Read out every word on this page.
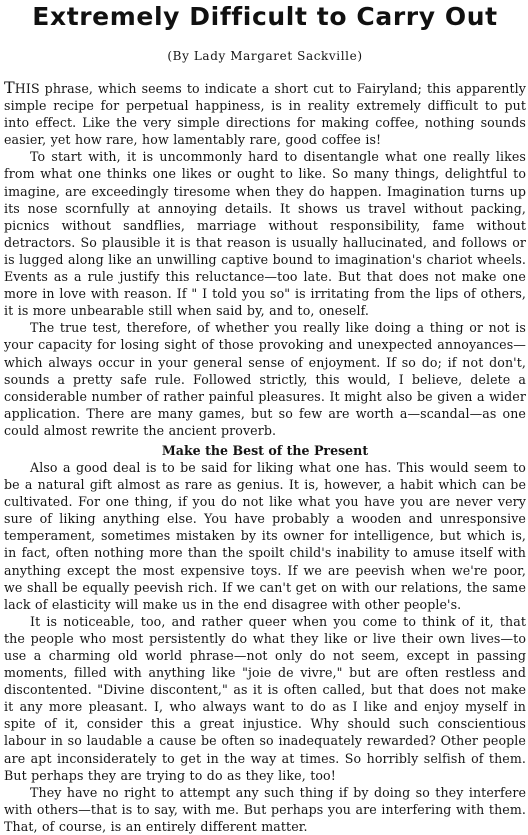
Extremely Difficult to Carry Out
(By Lady Margaret Sackville)

THIS phrase, which seems to indicate a short cut to Fairyland; this apparently simple recipe for perpetual happiness, is in reality extremely difficult to put into effect. Like the very simple directions for making coffee, nothing sounds easier, yet how rare, how lamentably rare, good coffee is!

To start with, it is uncommonly hard to disentangle what one really likes from what one thinks one likes or ought to like. So many things, delightful to imagine, are exceedingly tiresome when they do happen. Imagination turns up its nose scornfully at annoying details. It shows us travel without packing, picnics without sandflies, marriage without responsibility, fame without detractors. So plausible it is that reason is usually hallucinated, and follows or is lugged along like an unwilling captive bound to imagination's chariot wheels. Events as a rule justify this reluctance—too late. But that does not make one more in love with reason. If " I told you so" is irritating from the lips of others, it is more unbearable still when said by, and to, oneself.

The true test, therefore, of whether you really like doing a thing or not is your capacity for losing sight of those provoking and unexpected annoyances—which always occur in your general sense of enjoyment. If so do; if not don't, sounds a pretty safe rule. Followed strictly, this would, I believe, delete a considerable number of rather painful pleasures. It might also be given a wider application. There are many games, but so few are worth a—scandal—as one could almost rewrite the ancient proverb.

Make the Best of the Present

Also a good deal is to be said for liking what one has. This would seem to be a natural gift almost as rare as genius. It is, however, a habit which can be cultivated. For one thing, if you do not like what you have you are never very sure of liking anything else. You have probably a wooden and unresponsive temperament, sometimes mistaken by its owner for intelligence, but which is, in fact, often nothing more than the spoilt child's inability to amuse itself with anything except the most expensive toys. If we are peevish when we're poor, we shall be equally peevish rich. If we can't get on with our relations, the same lack of elasticity will make us in the end disagree with other people's.

It is noticeable, too, and rather queer when you come to think of it, that the people who most persistently do what they like or live their own lives—to use a charming old world phrase—not only do not seem, except in passing moments, filled with anything like "joie de vivre," but are often restless and discontented. "Divine discontent," as it is often called, but that does not make it any more pleasant. I, who always want to do as I like and enjoy myself in spite of it, consider this a great injustice. Why should such conscientious labour in so laudable a cause be often so inadequately rewarded? Other people are apt inconsiderately to get in the way at times. So horribly selfish of them. But perhaps they are trying to do as they like, too!

They have no right to attempt any such thing if by doing so they interfere with others—that is to say, with me. But perhaps you are interfering with them. That, of course, is an entirely different matter.
